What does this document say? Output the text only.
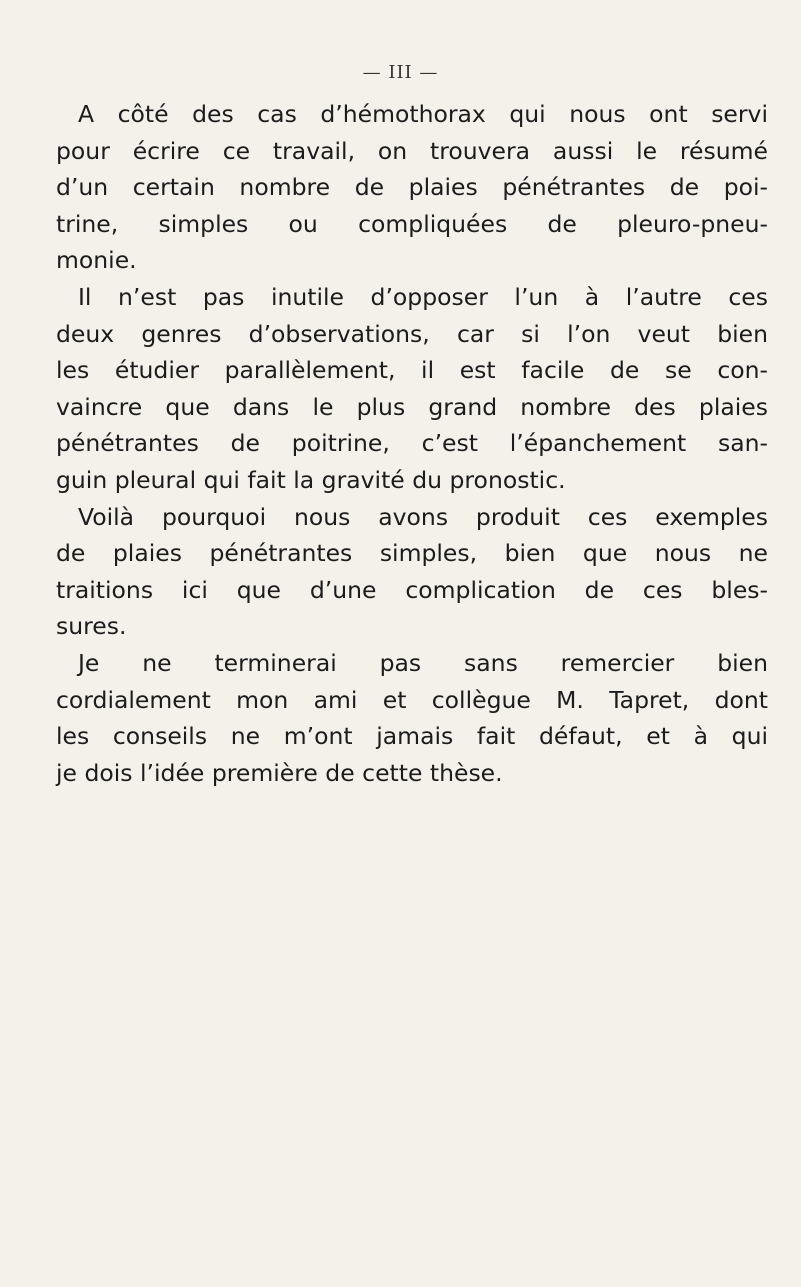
— III —
A côté des cas d’hémothorax qui nous ont servi
pour écrire ce travail, on trouvera aussi le résumé
d’un certain nombre de plaies pénétrantes de poi-
trine, simples ou compliquées de pleuro-pneu-
monie.
Il n’est pas inutile d’opposer l’un à l’autre ces
deux genres d’observations, car si l’on veut bien
les étudier parallèlement, il est facile de se con-
vaincre que dans le plus grand nombre des plaies
pénétrantes de poitrine, c’est l’épanchement san-
guin pleural qui fait la gravité du pronostic.
Voilà pourquoi nous avons produit ces exemples
de plaies pénétrantes simples, bien que nous ne
traitions ici que d’une complication de ces bles-
sures.
Je ne terminerai pas sans remercier bien
cordialement mon ami et collègue M. Tapret, dont
les conseils ne m’ont jamais fait défaut, et à qui
je dois l’idée première de cette thèse.
